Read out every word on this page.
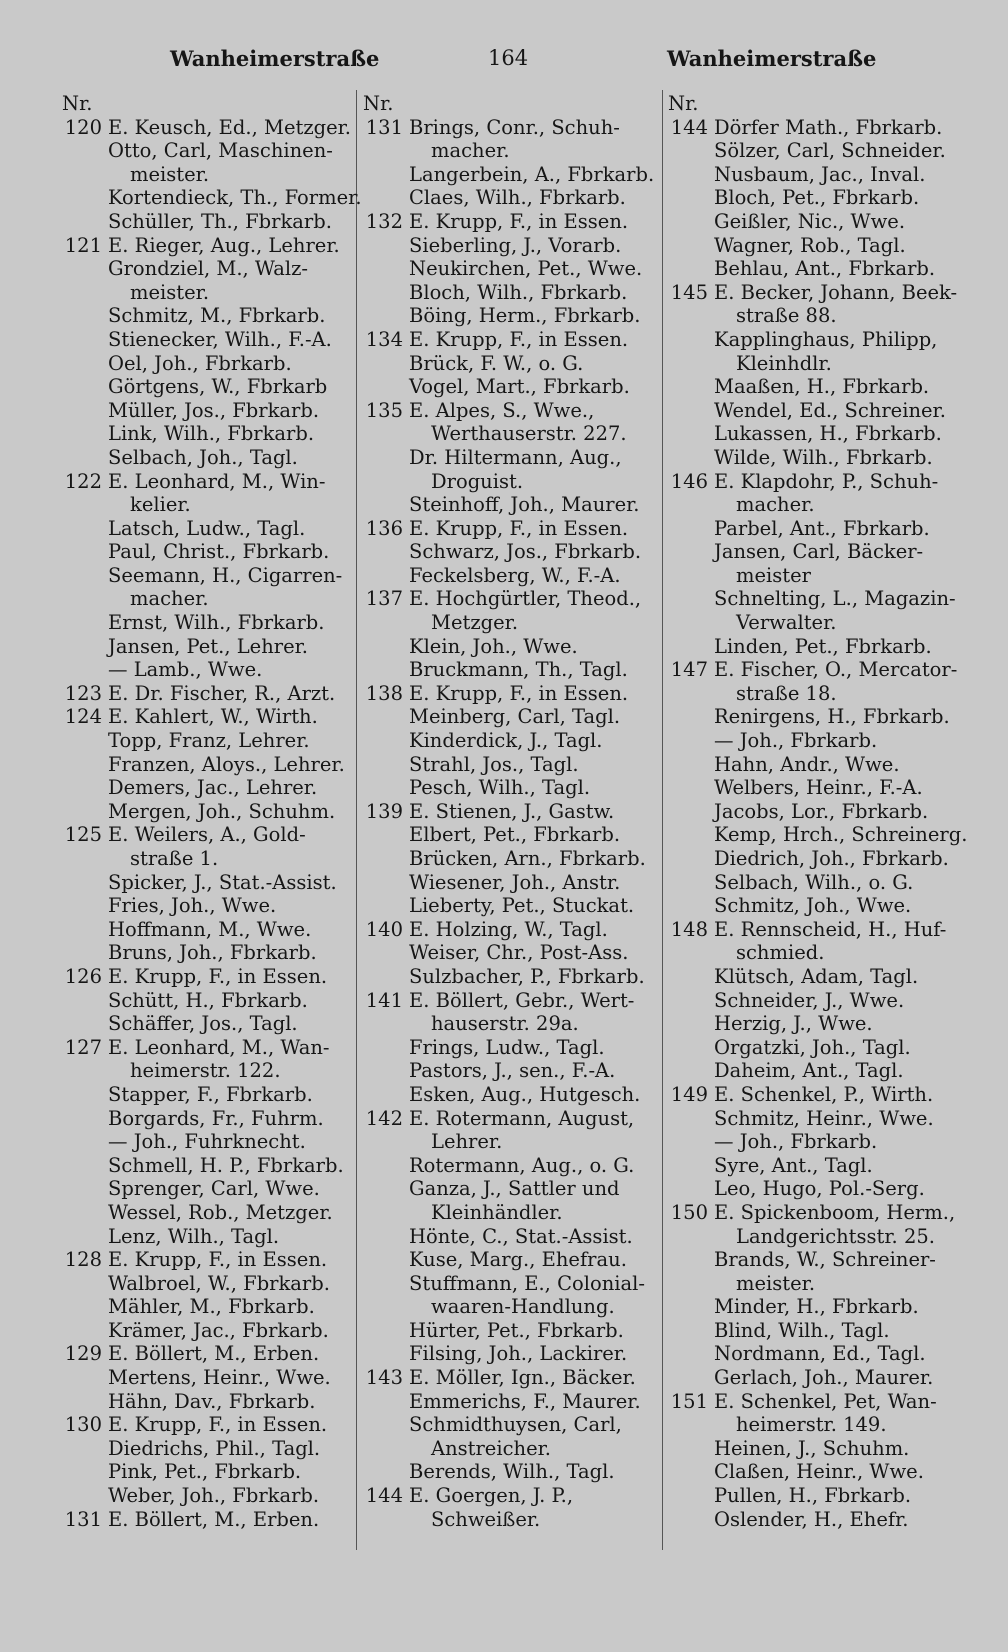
Wanheimerstraße	164	Wanheimerstraße
Nr.
120 E. Keusch, Ed., Metzger.
Otto, Carl, Maschinen-
meister.
Kortendieck, Th., Former.
Schüller, Th., Fbrkarb.
121 E. Rieger, Aug., Lehrer.
Grondziel, M., Walz-
meister.
Schmitz, M., Fbrkarb.
Stienecker, Wilh., F.-A.
Oel, Joh., Fbrkarb.
Görtgens, W., Fbrkarb
Müller, Jos., Fbrkarb.
Link, Wilh., Fbrkarb.
Selbach, Joh., Tagl.
122 E. Leonhard, M., Win-
kelier.
Latsch, Ludw., Tagl.
Paul, Christ., Fbrkarb.
Seemann, H., Cigarren-
macher.
Ernst, Wilh., Fbrkarb.
Jansen, Pet., Lehrer.
— Lamb., Wwe.
123 E. Dr. Fischer, R., Arzt.
124 E. Kahlert, W., Wirth.
Topp, Franz, Lehrer.
Franzen, Aloys., Lehrer.
Demers, Jac., Lehrer.
Mergen, Joh., Schuhm.
125 E. Weilers, A., Gold-
straße 1.
Spicker, J., Stat.-Assist.
Fries, Joh., Wwe.
Hoffmann, M., Wwe.
Bruns, Joh., Fbrkarb.
126 E. Krupp, F., in Essen.
Schütt, H., Fbrkarb.
Schäffer, Jos., Tagl.
127 E. Leonhard, M., Wan-
heimerstr. 122.
Stapper, F., Fbrkarb.
Borgards, Fr., Fuhrm.
— Joh., Fuhrknecht.
Schmell, H. P., Fbrkarb.
Sprenger, Carl, Wwe.
Wessel, Rob., Metzger.
Lenz, Wilh., Tagl.
128 E. Krupp, F., in Essen.
Walbroel, W., Fbrkarb.
Mähler, M., Fbrkarb.
Krämer, Jac., Fbrkarb.
129 E. Böllert, M., Erben.
Mertens, Heinr., Wwe.
Hähn, Dav., Fbrkarb.
130 E. Krupp, F., in Essen.
Diedrichs, Phil., Tagl.
Pink, Pet., Fbrkarb.
Weber, Joh., Fbrkarb.
131 E. Böllert, M., Erben.
Nr.
131 Brings, Conr., Schuh-
macher.
Langerbein, A., Fbrkarb.
Claes, Wilh., Fbrkarb.
132 E. Krupp, F., in Essen.
Sieberling, J., Vorarb.
Neukirchen, Pet., Wwe.
Bloch, Wilh., Fbrkarb.
Böing, Herm., Fbrkarb.
134 E. Krupp, F., in Essen.
Brück, F. W., o. G.
Vogel, Mart., Fbrkarb.
135 E. Alpes, S., Wwe.,
Werthauserstr. 227.
Dr. Hiltermann, Aug.,
Droguist.
Steinhoff, Joh., Maurer.
136 E. Krupp, F., in Essen.
Schwarz, Jos., Fbrkarb.
Feckelsberg, W., F.-A.
137 E. Hochgürtler, Theod.,
Metzger.
Klein, Joh., Wwe.
Bruckmann, Th., Tagl.
138 E. Krupp, F., in Essen.
Meinberg, Carl, Tagl.
Kinderdick, J., Tagl.
Strahl, Jos., Tagl.
Pesch, Wilh., Tagl.
139 E. Stienen, J., Gastw.
Elbert, Pet., Fbrkarb.
Brücken, Arn., Fbrkarb.
Wiesener, Joh., Anstr.
Lieberty, Pet., Stuckat.
140 E. Holzing, W., Tagl.
Weiser, Chr., Post-Ass.
Sulzbacher, P., Fbrkarb.
141 E. Böllert, Gebr., Wert-
hauserstr. 29a.
Frings, Ludw., Tagl.
Pastors, J., sen., F.-A.
Esken, Aug., Hutgesch.
142 E. Rotermann, August,
Lehrer.
Rotermann, Aug., o. G.
Ganza, J., Sattler und
Kleinhändler.
Hönte, C., Stat.-Assist.
Kuse, Marg., Ehefrau.
Stuffmann, E., Colonial-
waaren-Handlung.
Hürter, Pet., Fbrkarb.
Filsing, Joh., Lackirer.
143 E. Möller, Ign., Bäcker.
Emmerichs, F., Maurer.
Schmidthuysen, Carl,
Anstreicher.
Berends, Wilh., Tagl.
144 E. Goergen, J. P.,
Schweißer.
Nr.
144 Dörfer Math., Fbrkarb.
Sölzer, Carl, Schneider.
Nusbaum, Jac., Inval.
Bloch, Pet., Fbrkarb.
Geißler, Nic., Wwe.
Wagner, Rob., Tagl.
Behlau, Ant., Fbrkarb.
145 E. Becker, Johann, Beek-
straße 88.
Kapplinghaus, Philipp,
Kleinhdlr.
Maaßen, H., Fbrkarb.
Wendel, Ed., Schreiner.
Lukassen, H., Fbrkarb.
Wilde, Wilh., Fbrkarb.
146 E. Klapdohr, P., Schuh-
macher.
Parbel, Ant., Fbrkarb.
Jansen, Carl, Bäcker-
meister
Schnelting, L., Magazin-
Verwalter.
Linden, Pet., Fbrkarb.
147 E. Fischer, O., Mercator-
straße 18.
Renirgens, H., Fbrkarb.
— Joh., Fbrkarb.
Hahn, Andr., Wwe.
Welbers, Heinr., F.-A.
Jacobs, Lor., Fbrkarb.
Kemp, Hrch., Schreinerg.
Diedrich, Joh., Fbrkarb.
Selbach, Wilh., o. G.
Schmitz, Joh., Wwe.
148 E. Rennscheid, H., Huf-
schmied.
Klütsch, Adam, Tagl.
Schneider, J., Wwe.
Herzig, J., Wwe.
Orgatzki, Joh., Tagl.
Daheim, Ant., Tagl.
149 E. Schenkel, P., Wirth.
Schmitz, Heinr., Wwe.
— Joh., Fbrkarb.
Syre, Ant., Tagl.
Leo, Hugo, Pol.-Serg.
150 E. Spickenboom, Herm.,
Landgerichtsstr. 25.
Brands, W., Schreiner-
meister.
Minder, H., Fbrkarb.
Blind, Wilh., Tagl.
Nordmann, Ed., Tagl.
Gerlach, Joh., Maurer.
151 E. Schenkel, Pet, Wan-
heimerstr. 149.
Heinen, J., Schuhm.
Claßen, Heinr., Wwe.
Pullen, H., Fbrkarb.
Oslender, H., Ehefr.
